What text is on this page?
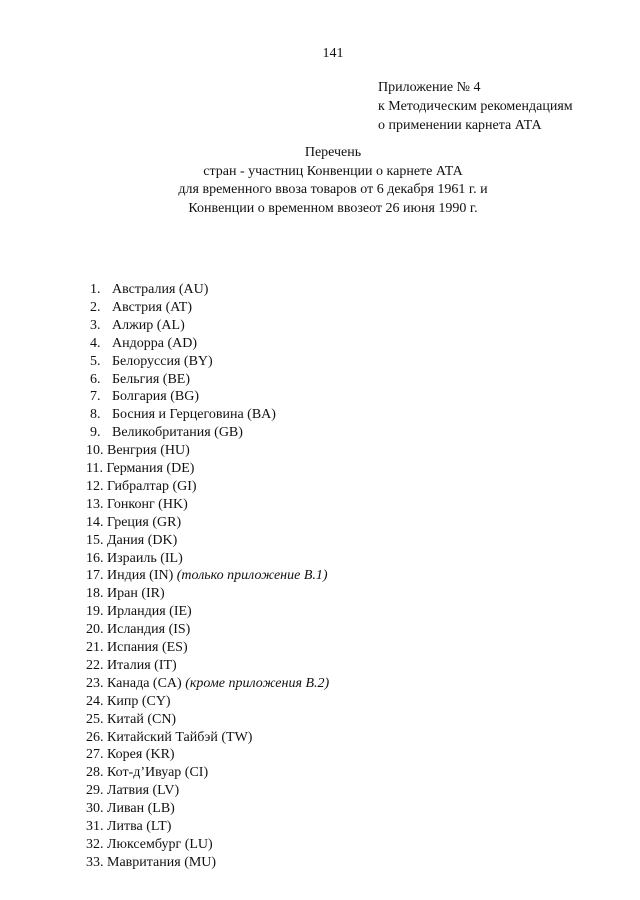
141
Приложение № 4
к Методическим рекомендациям
о применении карнета АТА
Перечень
стран - участниц Конвенции о карнете АТА
для временного ввоза товаров от 6 декабря 1961 г. и
Конвенции о временном ввозеот 26 июня 1990 г.
1. Австралия (AU)
2. Австрия (AT)
3. Алжир (AL)
4. Андорра (AD)
5. Белоруссия (BY)
6. Бельгия (BE)
7. Болгария (BG)
8. Босния и Герцеговина (BA)
9. Великобритания (GB)
10. Венгрия (HU)
11. Германия (DE)
12. Гибралтар (GI)
13. Гонконг (HK)
14. Греция (GR)
15. Дания (DK)
16. Израиль (IL)
17. Индия (IN) (только приложение B.1)
18. Иран (IR)
19. Ирландия (IE)
20. Исландия (IS)
21. Испания (ES)
22. Италия (IT)
23. Канада (CA) (кроме приложения B.2)
24. Кипр (CY)
25. Китай (CN)
26. Китайский Тайбэй (TW)
27. Корея (KR)
28. Кот-д’Ивуар (CI)
29. Латвия (LV)
30. Ливан (LB)
31. Литва (LT)
32. Люксембург (LU)
33. Мавритания (MU)
